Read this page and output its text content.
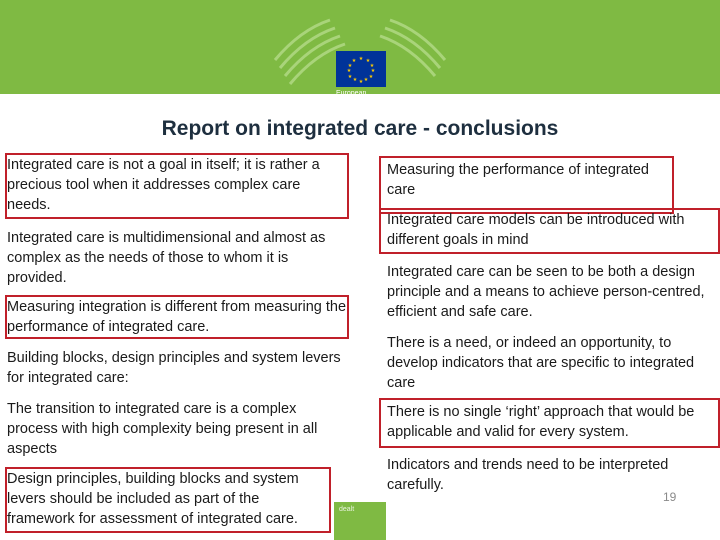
★ ★
★
★
★
★
★
★
★
★
★
★
European
Commission
Report on integrated care - conclusions
Integrated care is not a goal in itself; it is rather a precious tool when it addresses complex care needs.
Integrated care is multidimensional and almost as complex as the needs of those to whom it is provided.
Measuring integration is different from measuring the performance of integrated care.
Building blocks, design principles and system levers for integrated care:
The transition to integrated care is a complex process with high complexity being present in all aspects
Design principles, building blocks and system levers should be included as part of the framework for assessment of integrated care.
Measuring the performance of integrated care
Integrated care models can be introduced with different goals in mind
Integrated care can be seen to be both a design principle and a means to achieve person-centred, efficient and safe care.
There is a need, or indeed an opportunity, to develop indicators that are specific to integrated care
There is no single ‘right’ approach that would be applicable and valid for every system.
Indicators and trends need to be interpreted carefully.
19
dealt
